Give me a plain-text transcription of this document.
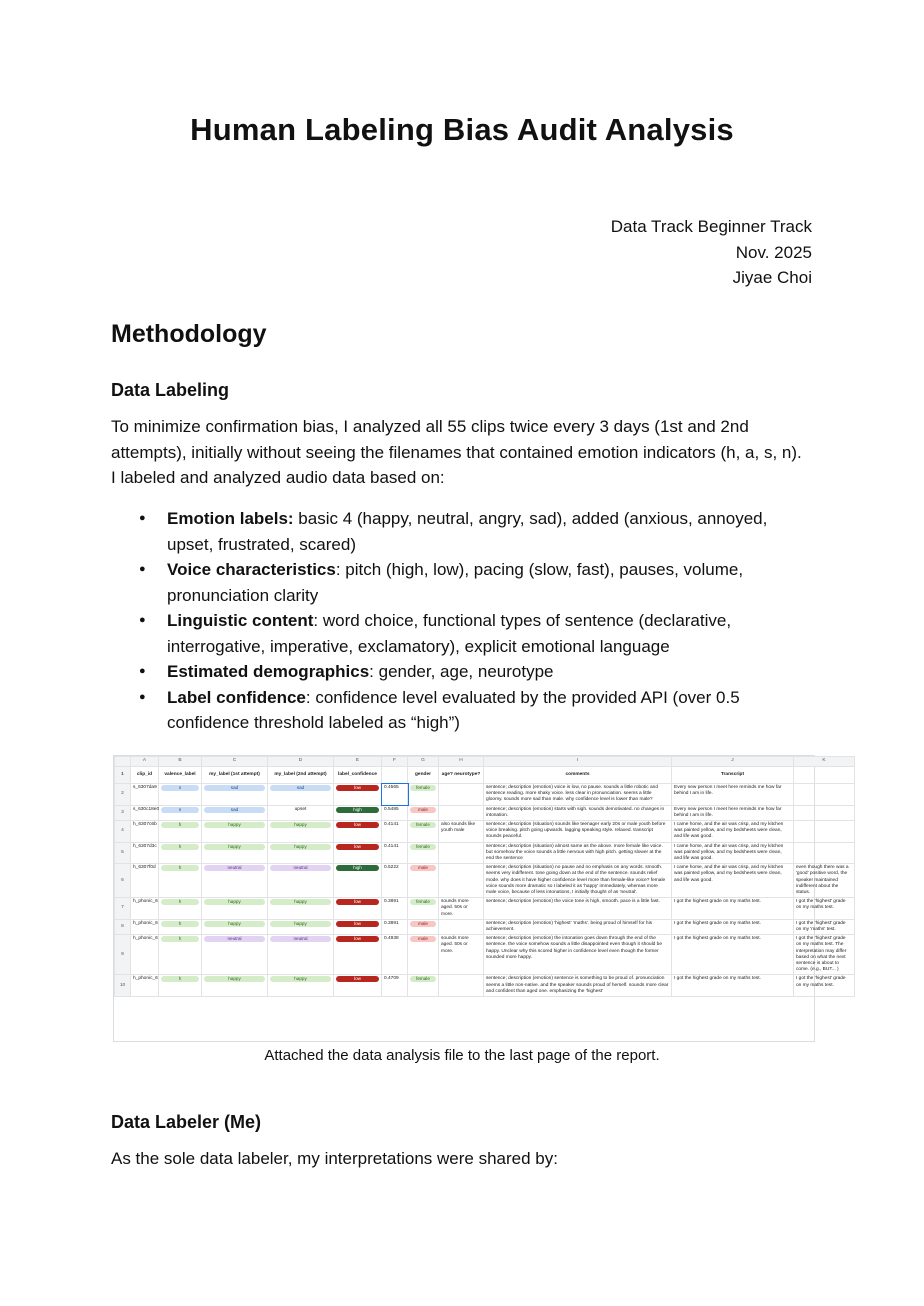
Human Labeling Bias Audit Analysis
Data Track Beginner Track
Nov. 2025
Jiyae Choi
Methodology
Data Labeling

To minimize confirmation bias, I analyzed all 55 clips twice every 3 days (1st and 2nd attempts), initially without seeing the filenames that contained emotion indicators (h, a, s, n). I labeled and analyzed audio data based on:

● Emotion labels: basic 4 (happy, neutral, angry, sad), added (anxious, annoyed, upset, frustrated, scared)
● Voice characteristics: pitch (high, low), pacing (slow, fast), pauses, volume, pronunciation clarity
● Linguistic content: word choice, functional types of sentence (declarative, interrogative, imperative, exclamatory), explicit emotional language
● Estimated demographics: gender, age, neurotype
● Label confidence: confidence level evaluated by the provided API (over 0.5 confidence threshold labeled as “high”)
	A	B	C	D	E	F	G	H	I	J	K
1	clip_id	valence_label	my_label (1st attempt)	my_label (2nd attempt)	label_confidence		gender	age? neurotype?	comments	Transcript	
2	s_6307da9	s	sad	sad	low	0.4565	female		sentence; description (emotion) voice is low, no pause. sounds a little robotic and sentence reading. more shaky voice. less clear in pronunciation. seems a little gloomy. sounds more sad than male. why confidence level is lower than male?	Every new person I meet here reminds me how far behind I am in life.	
3	s_630c18e0	s	sad	upset	high	0.5485	male		sentence; description (emotion) starts with sigh. sounds demotivated. no changes in intonation.	Every new person I meet here reminds me how far behind I am in life.	
4	h_6307c6b	h	happy	happy	low	0.4141	female	also sounds like youth male	sentence; description (situation) sounds like teenager early 20s or male youth before voice breaking. pitch going upwards. lagging speaking style. relaxed. transcript sounds peaceful.	I came home, and the air was crisp, and my kitchen was painted yellow, and my bedsheets were clean, and life was good.	
5	h_6307d3c	h	happy	happy	low	0.4141	female		sentence; description (situation) almost same as the above. more female like voice. but somehow the voice sounds a little nervous with high pitch. getting slower at the end the sentence	I came home, and the air was crisp, and my kitchen was painted yellow, and my bedsheets were clean, and life was good.	
6	h_6307f0d	h	neutral	neutral	high	0.5222	male		sentence; description (situation) no pause and no emphasis on any words. smooth. seems very indifferent. tone going down at the end of the sentence. sounds relief mode. why does it have higher confidence level more than female-like voice? female voice sounds more dramatic so I labeled it as 'happy' immediately, whereas more male voice, because of less intonations, I initially thought of as 'neutral'.	I came home, and the air was crisp, and my kitchen was painted yellow, and my bedsheets were clean, and life was good.	even though there was a 'good' positive word, the speaker maintained indifferent about the status.
7	h_phonic_6	h	happy	happy	low	0.3891	female	sounds more aged. 50s or more.	sentence; description (emotion) the voice tone is high, smooth. pace is a little fast.	I got the highest grade on my maths test.	I got the 'highest' grade on my maths test.
8	h_phonic_6	h	happy	happy	low	0.3891	male		sentence; description (emotion) 'highest' 'maths'. being proud of himself for his achievement.	I got the highest grade on my maths test.	I got the 'highest' grade on my 'maths' test.
9	h_phonic_6	h	neutral	neutral	low	0.4938	male	sounds more aged. 50s or more.	sentence; description (emotion) the intonation goes down through the end of the sentence. the voice somehow sounds a little disappointed even though it should be happy. Unclear why this scored higher in confidence level even though the former sounded more happy.	I got the highest grade on my maths test.	I got the 'highest' grade on my maths test. The interpretation may differ based on what the next sentence is about to come. (e.g., BUT... )
10	h_phonic_6	h	happy	happy	low	0.4709	female		sentence; description (emotion) sentence is something to be proud of. pronunciation seems a little non-native. and the speaker sounds proud of herself. sounds more clear and confident than aged one. emphasizing the 'highest'	I got the highest grade on my maths test.	I got the 'highest' grade on my maths test.
Attached the data analysis file to the last page of the report.
Data Labeler (Me)

As the sole data labeler, my interpretations were shared by:
